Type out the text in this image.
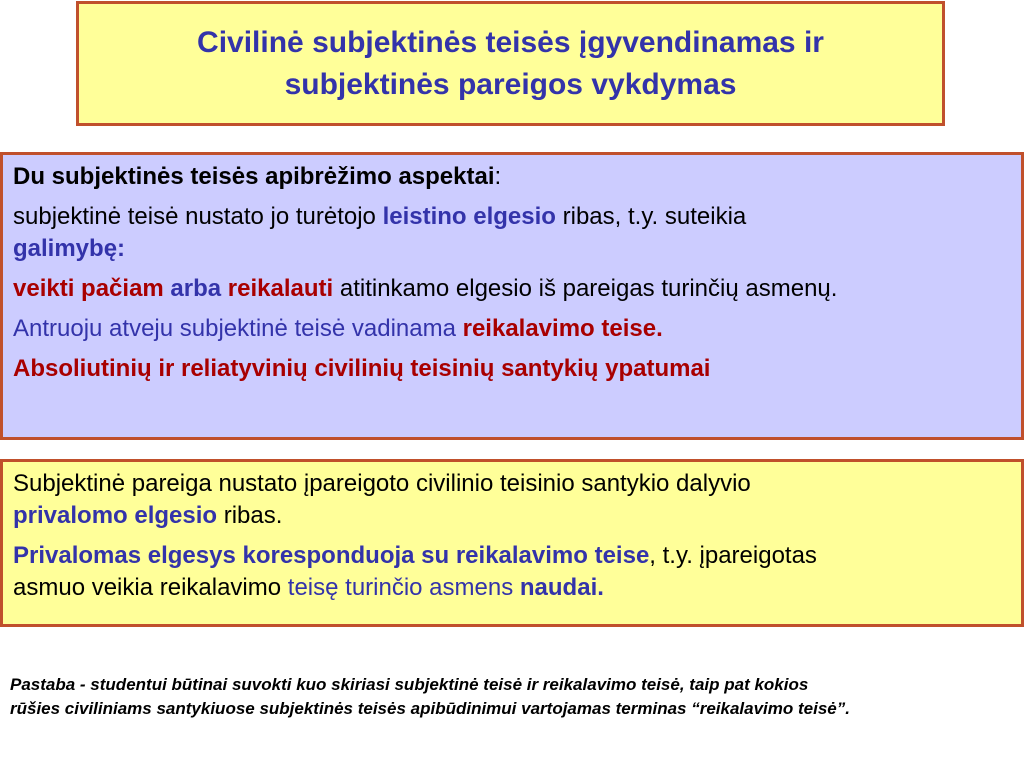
Civilinė subjektinės teisės įgyvendinamas ir
subjektinės pareigos vykdymas

Du subjektinės teisės apibrėžimo aspektai:

subjektinė teisė nustato jo turėtojo leistino elgesio ribas, t.y. suteikia
galimybę:

veikti pačiam arba reikalauti atitinkamo elgesio iš pareigas turinčių asmenų.

Antruoju atveju subjektinė teisė vadinama reikalavimo teise.

Absoliutinių ir reliatyvinių civilinių teisinių santykių ypatumai

Subjektinė pareiga nustato įpareigoto civilinio teisinio santykio dalyvio
privalomo elgesio ribas.

Privalomas elgesys koresponduoja su reikalavimo teise, t.y. įpareigotas
asmuo veikia reikalavimo teisę turinčio asmens naudai.

Pastaba - studentui būtinai suvokti kuo skiriasi subjektinė teisė ir reikalavimo teisė, taip pat kokios
rūšies civiliniams santykiuose subjektinės teisės apibūdinimui vartojamas terminas “reikalavimo teisė”.
